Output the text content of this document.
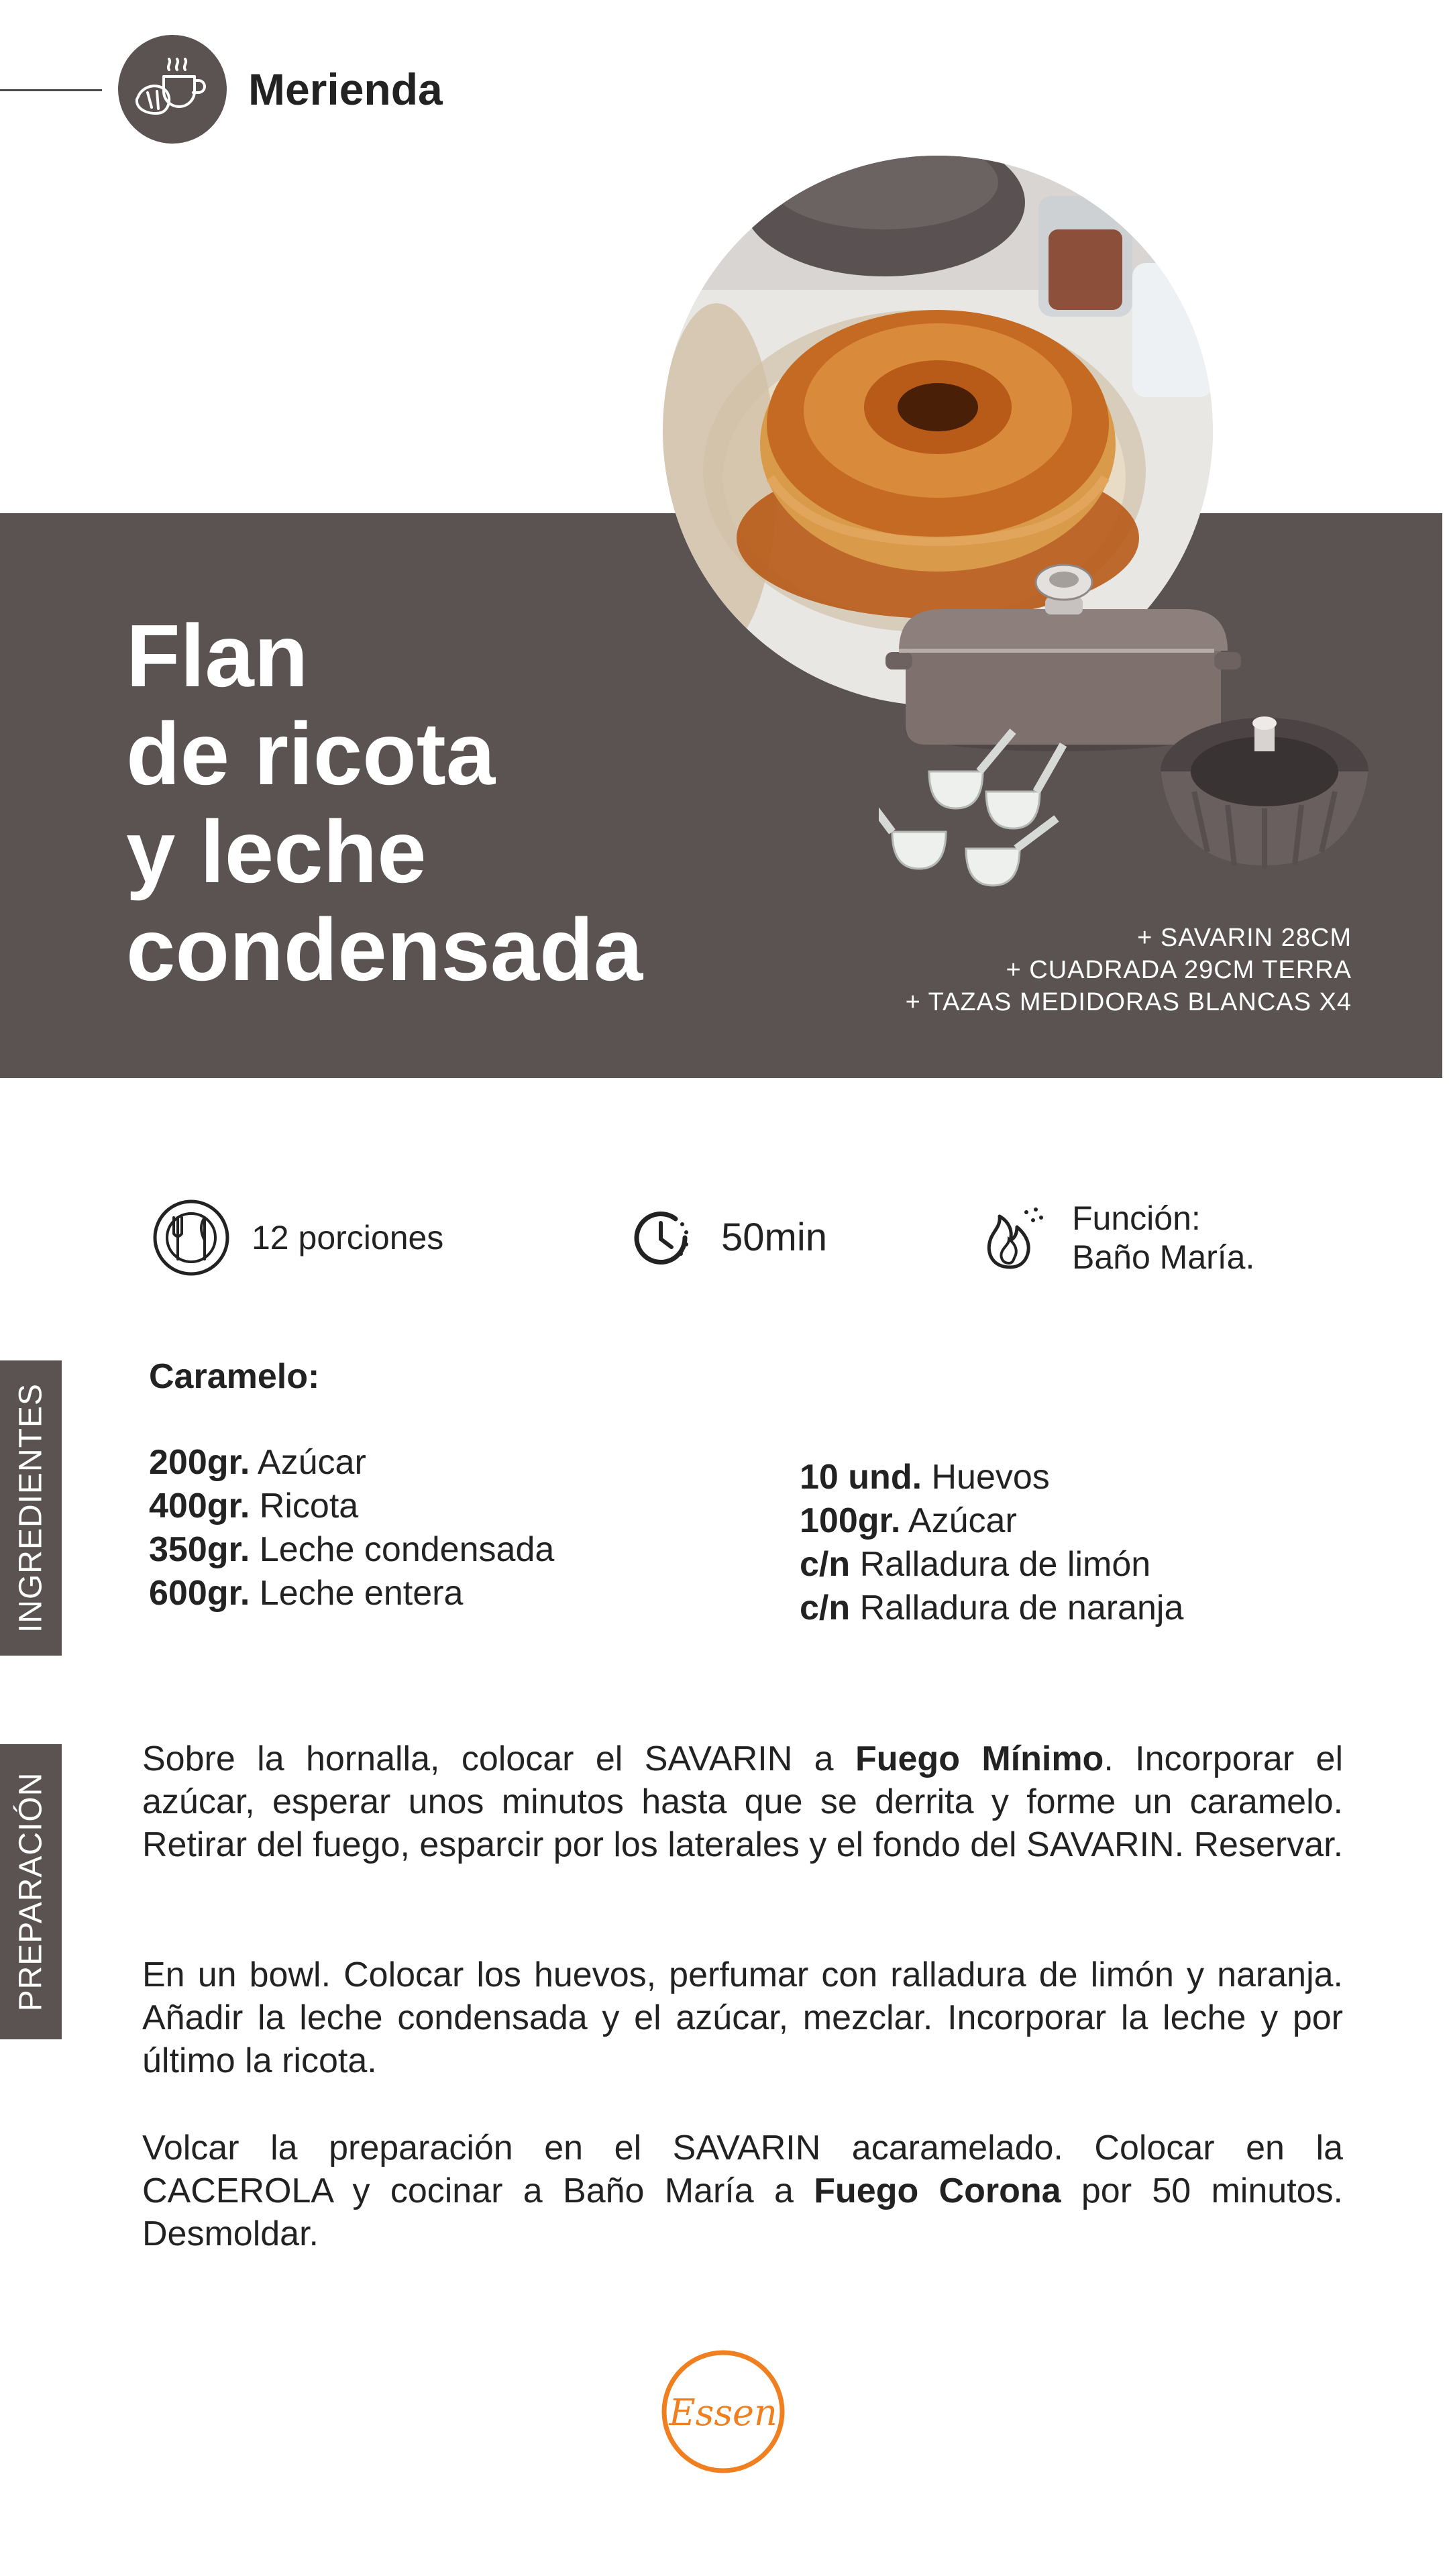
Merienda
Flan
de ricota
y leche
condensada	+ SAVARIN 28CM
+ CUADRADA 29CM TERRA
+ TAZAS MEDIDORAS BLANCAS X4
12 porciones	50min	Función:
Baño María.
INGREDIENTES
PREPARACIÓN
Caramelo:
200gr. Azúcar
400gr. Ricota
350gr. Leche condensada
600gr. Leche entera
10 und. Huevos
100gr. Azúcar
c/n Ralladura de limón
c/n Ralladura de naranja
Sobre la hornalla, colocar el SAVARIN a Fuego Mínimo. Incorporar el azúcar, esperar unos minutos hasta que se derrita y forme un caramelo. Retirar del fuego, esparcir por los laterales y el fondo del SAVARIN. Reservar.
En un bowl. Colocar los huevos, perfumar con ralladura de limón y naranja. Añadir la leche condensada y el azúcar, mezclar. Incorporar la leche y por último la ricota.
Volcar la preparación en el SAVARIN acaramelado. Colocar en la CACEROLA y cocinar a Baño María a Fuego Corona por 50 minutos. Desmoldar.
Essen
